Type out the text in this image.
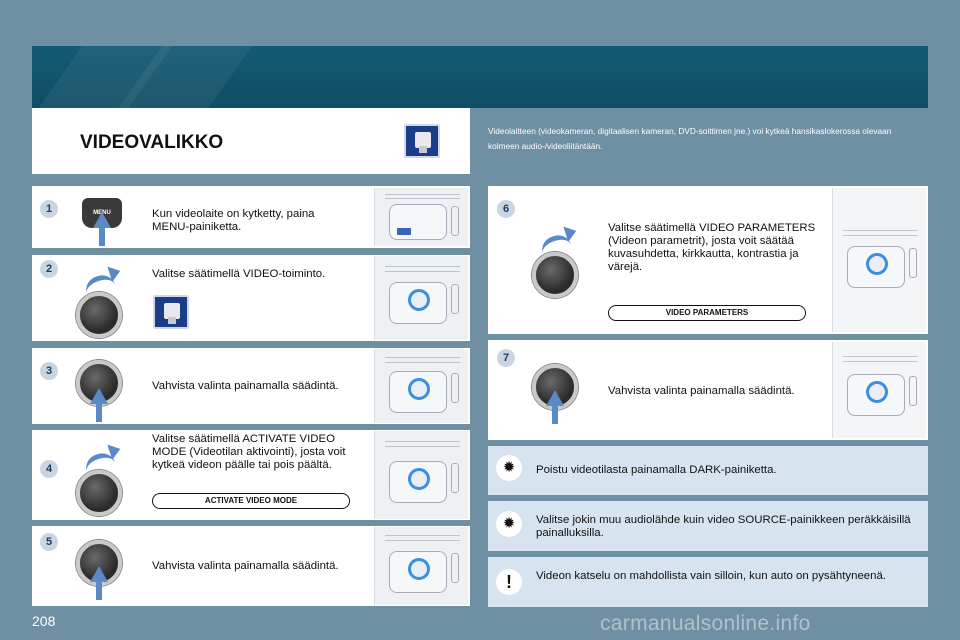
VIDEOVALIKKO
Videolaitteen (videokameran, digitaalisen kameran, DVD-soittimen jne.) voi kytkeä hansikaslokerossa olevaan kolmeen audio-/videoliitäntään.
1	MENU	Kun videolaite on kytketty, paina MENU-painiketta.
2	Valitse säätimellä VIDEO-toiminto.
3
Vahvista valinta painamalla säädintä.
4
Valitse säätimellä ACTIVATE VIDEO MODE (Videotilan aktivointi), josta voit kytkeä videon päälle tai pois päältä.
ACTIVATE VIDEO MODE
5
Vahvista valinta painamalla säädintä.
6
Valitse säätimellä VIDEO PARAMETERS (Videon parametrit), josta voit säätää kuvasuhdetta, kirkkautta, kontrastia ja värejä.
VIDEO PARAMETERS
7
Vahvista valinta painamalla säädintä.
✹
Poistu videotilasta painamalla DARK-painiketta.
✹
Valitse jokin muu audiolähde kuin video SOURCE-painikkeen peräkkäisillä painalluksilla.
!	Videon katselu on mahdollista vain silloin, kun auto on pysähtyneenä.
208	carmanualsonline.info
